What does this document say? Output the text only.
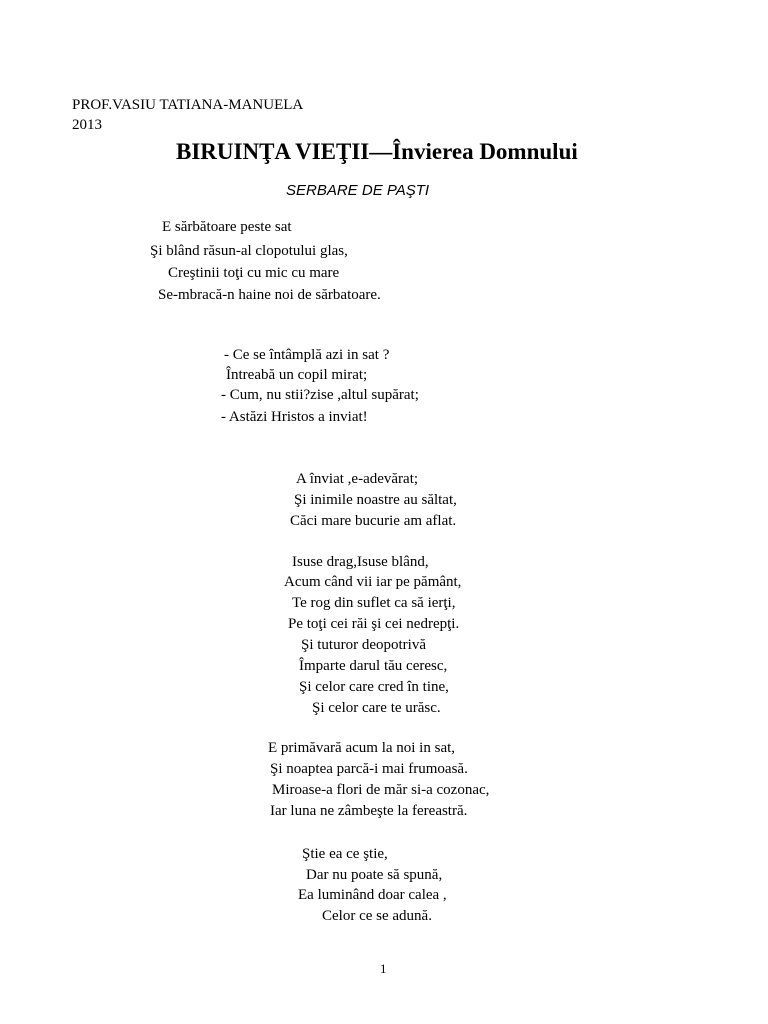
PROF.VASIU TATIANA-MANUELA
2013
BIRUINŢA VIEŢII—Învierea Domnului
SERBARE DE PAŞTI
E sărbătoare peste sat
Şi blând răsun-al clopotului glas,
Creştinii toţi cu mic cu mare
Se-mbracă-n haine noi de sărbatoare.
- Ce se întâmplă azi in sat ?
Întreabă un copil mirat;
- Cum, nu stii?zise ,altul supărat;
- Astăzi Hristos a inviat!
A înviat ,e-adevărat;
Şi inimile noastre au săltat,
Căci mare bucurie am aflat.
Isuse drag,Isuse blând,
Acum când vii iar pe pământ,
Te rog din suflet ca să ierţi,
Pe toţi cei răi şi cei nedrepţi.
Şi tuturor deopotrivă
Împarte darul tău ceresc,
Şi celor care cred în tine,
Şi celor care te urăsc.
E primăvară acum la noi in sat,
Şi noaptea parcă-i mai frumoasă.
Miroase-a flori de măr si-a cozonac,
Iar luna ne zâmbeşte la fereastră.
Ştie ea ce ştie,
Dar nu poate să spună,
Ea luminând doar calea ,
Celor ce se adună.
1
